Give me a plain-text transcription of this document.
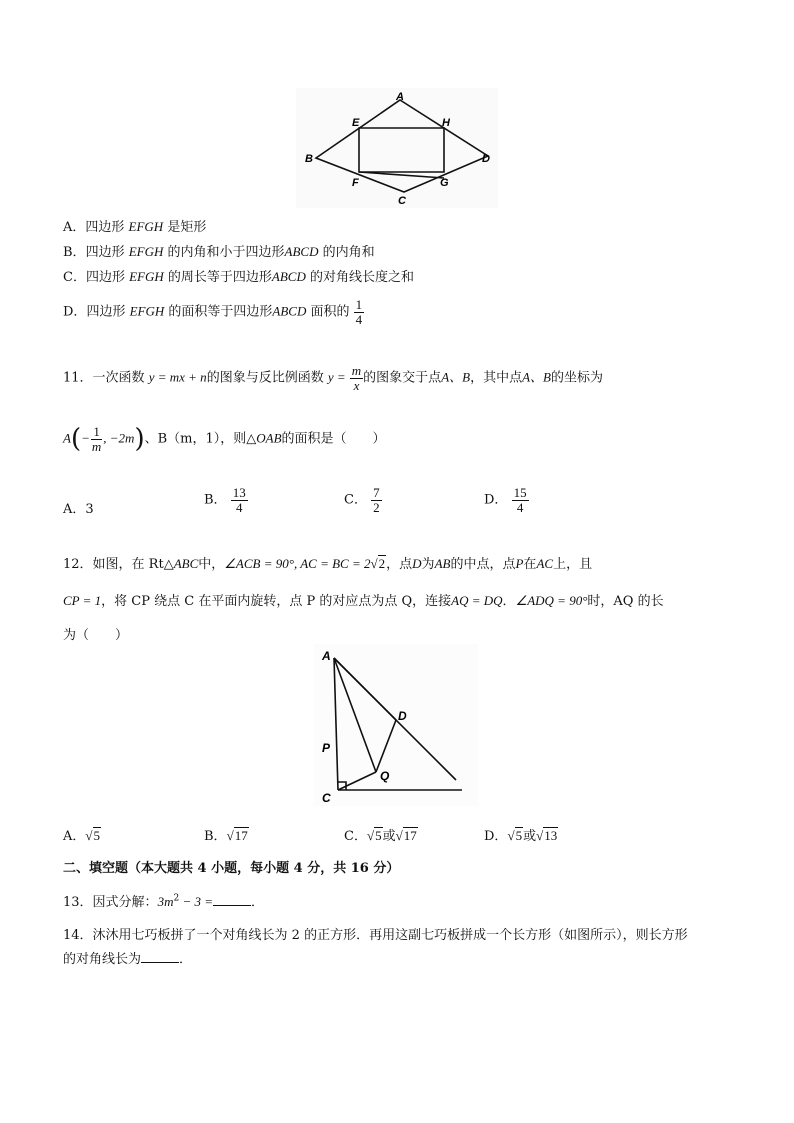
A
B
C
D
E	H
F	G
A．四边形 EFGH 是矩形
B．四边形 EFGH 的内角和小于四边形ABCD 的内角和
C．四边形 EFGH 的周长等于四边形ABCD 的对角线长度之和
D．四边形 EFGH 的面积等于四边形ABCD 面积的 $\frac{1}{4}$
11．一次函数 y = mx + n的图象与反比例函数 $y = \frac{m}{x}$ 的图象交于点A、B，其中点A、B的坐标为
$A(- \frac{1}{m}$ , −2m)、B（m，1），则△OAB的面积是（　　）
A．3
B． $\frac{13}{4}$	C． $\frac{7}{2}$	D． $\frac{15}{4}$
12．如图，在 Rt△ABC中，∠ACB = 90°, AC = BC = 2√2，点D为AB的中点，点P在AC上，且
CP = 1，将 CP 绕点 C 在平面内旋转，点 P 的对应点为点 Q，连接AQ = DQ．∠ADQ = 90°时，AQ 的长
为（　　）
A
D
P
Q
C
A．√5	B．√17	C．√5或√17	D．√5或√13
二、填空题（本大题共 4 小题，每小题 4 分，共 16 分）
13．因式分解：$3m^2 - 3$ =	．
14．沐沐用七巧板拼了一个对角线长为 2 的正方形．再用这副七巧板拼成一个长方形（如图所示），则长方形
的对角线长为	．
